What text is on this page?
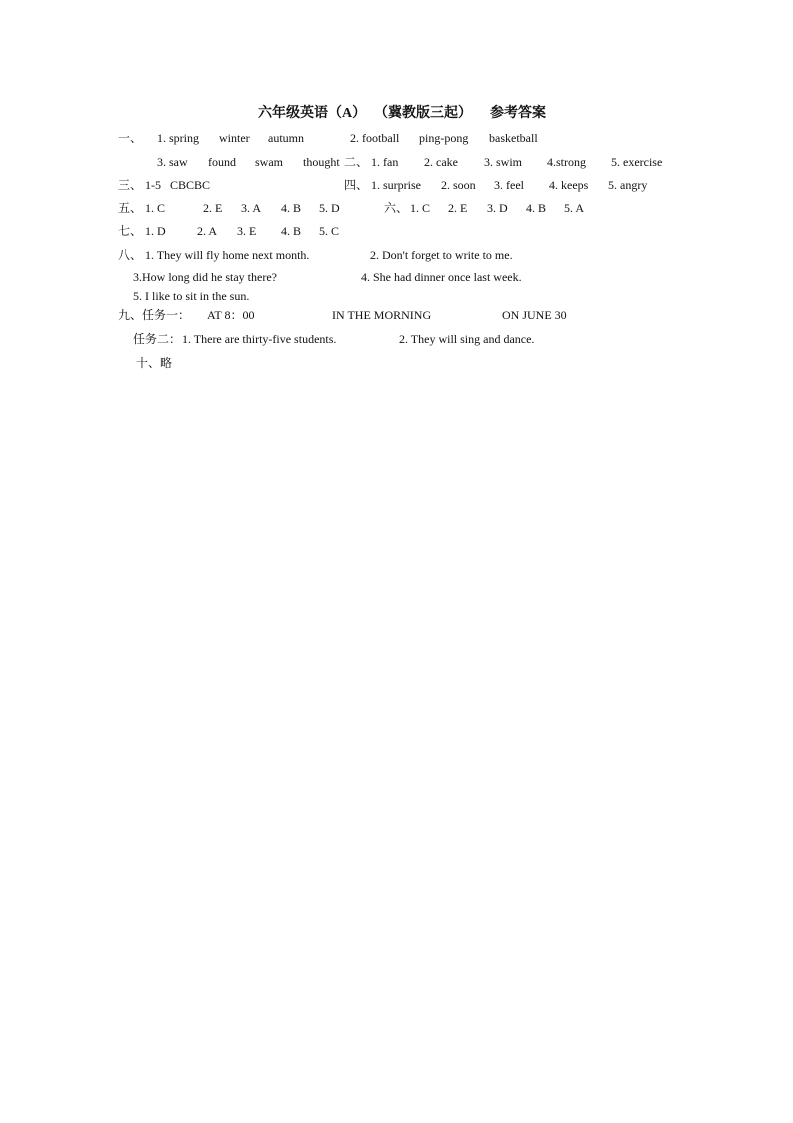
六年级英语（A） （冀教版三起） 参考答案
一、 1. spring winter autumn	2. football ping-pong basketball
3. saw found swam thought 二、 1. fan 2. cake 3. swim 4.strong 5. exercise
三、 1-5   CBCBC	四、 1. surprise 2. soon 3. feel 4. keeps 5. angry
五、 1. C	2. E 3. A 4. B 5. D	六、 1. C 2. E 3. D 4. B 5. A
七、 1. D	2. A 3. E 4. B 5. C
八、 1. They will fly home next month.	2. Don't forget to write to me.
3.How long did he stay there?	4. She had dinner once last week.
5. I like to sit in the sun.
九、任务一： AT 8：00	IN THE MORNING	ON JUNE 30
任务二： 1. There are thirty-five students.	2. They will sing and dance.
十、略
